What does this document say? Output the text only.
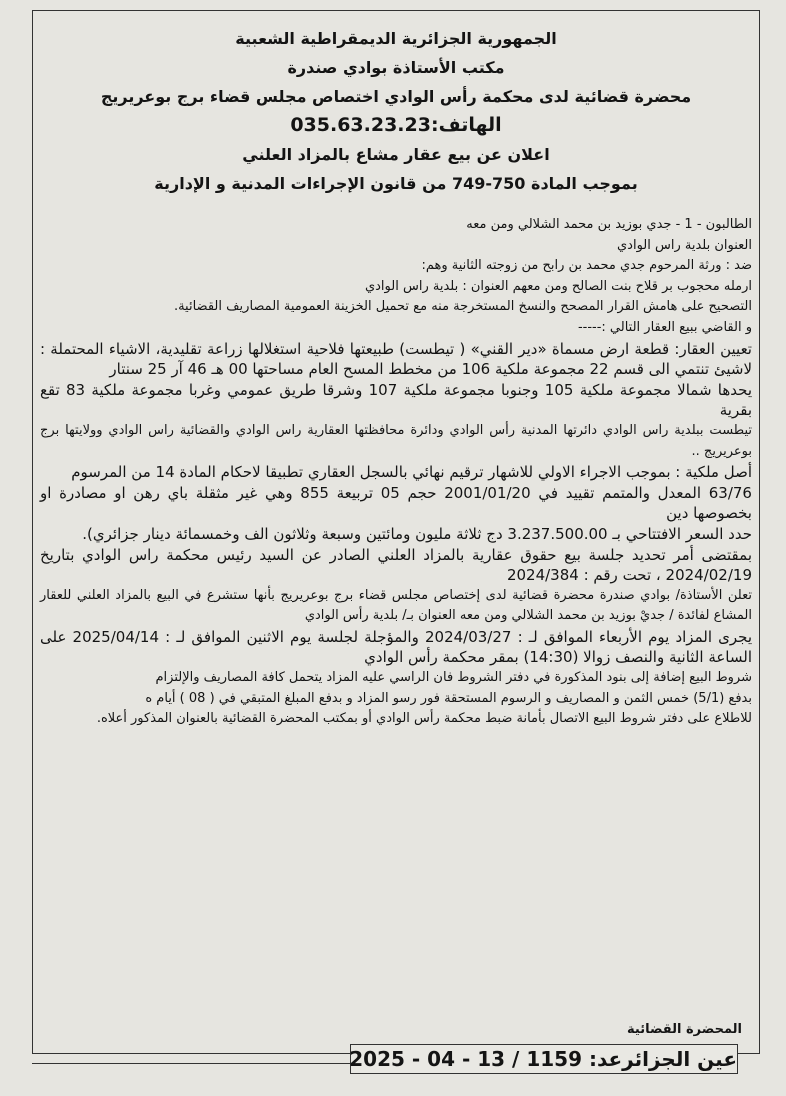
الجمهورية الجزائرية الديمقراطية الشعبية
مكتب الأستاذة بوادي صندرة
محضرة قضائية لدى محكمة رأس الوادي اختصاص مجلس قضاء برج بوعريريج
الهاتف:035.63.23.23
اعلان عن بيع عقار مشاع بالمزاد العلني
بموجب المادة 750-749 من قانون الإجراءات المدنية و الإدارية

الطالبون - 1 - جدي بوزيد بن محمد الشلالي ومن معه

العنوان بلدية راس الوادي

ضد : ورثة المرحوم جدي محمد بن رابح من زوجته الثانية وهم:

ارمله محجوب بر قلاح بنت الصالح ومن معهم العنوان : بلدية راس الوادي

التصحيح على هامش القرار المصحح والنسخ المستخرجة منه مع تحميل الخزينة العمومية المصاريف القضائية.

و القاضي ببيع العقار التالي :-----

تعيين العقار: قطعة ارض مسماة «دير القني» ( تيطست) طبيعتها فلاحية استغلالها زراعة تقليدية، الاشياء المحتملة : لاشيئ تنتمي الى قسم 22 مجموعة ملكية 106 من مخطط المسح العام مساحتها 00 هـ 46 آر 25 سنتار

يحدها شمالا مجموعة ملكية 105 وجنوبا مجموعة ملكية 107 وشرقا طريق عمومي وغربا مجموعة ملكية 83 تقع بقرية

تيطست ببلدية راس الوادي دائرتها المدنية رأس الوادي ودائرة محافظتها العقارية راس الوادي والقضائية راس الوادي وولايتها برج بوعريريج ..

أصل ملكية : بموجب الاجراء الاولي للاشهار ترقيم نهائي بالسجل العقاري تطبيقا لاحكام المادة 14 من المرسوم

63/76 المعدل والمتمم تقييد في 2001/01/20 حجم 05 تربيعة 855 وهي غير مثقلة باي رهن او مصادرة او بخصوصها دين

حدد السعر الافتتاحي بـ 3.237.500.00 دج ثلاثة مليون ومائتين وسبعة وثلاثون الف وخمسمائة دينار جزائري).

بمقتضى أمر تحديد جلسة بيع حقوق عقارية بالمزاد العلني الصادر عن السيد رئيس محكمة راس الوادي بتاريخ 2024/02/19 ، تحت رقم : 2024/384

تعلن الأستاذة/ بوادي صندرة محضرة قضائية لدى إختصاص مجلس قضاء برج بوعريريج بأنها ستشرع في البيع بالمزاد العلني للعقار المشاع لفائدة / جديْ بوزيد بن محمد الشلالي ومن معه العنوان بـ/ بلدية رأس الوادي

يجرى المزاد يوم الأربعاء الموافق لـ : 2024/03/27 والمؤجلة لجلسة يوم الاثنين الموافق لـ : 2025/04/14 على الساعة الثانية والنصف زوالا (14:30) بمقر محكمة رأس الوادي

شروط البيع إضافة إلى بنود المذكورة في دفتر الشروط فان الراسي عليه المزاد يتحمل كافة المصاريف والإلتزام

بدفع (5/1) خمس الثمن و المصاريف و الرسوم المستحقة فور رسو المزاد و بدفع المبلغ المتبقي في ( 08 ) أيام ه

للاطلاع على دفتر شروط البيع الاتصال بأمانة ضبط محكمة رأس الوادي أو بمكتب المحضرة القضائية بالعنوان المذكور أعلاه.

المحضرة القضائية
عين الجزائرعد: 1159 / 13 - 04 - 2025
